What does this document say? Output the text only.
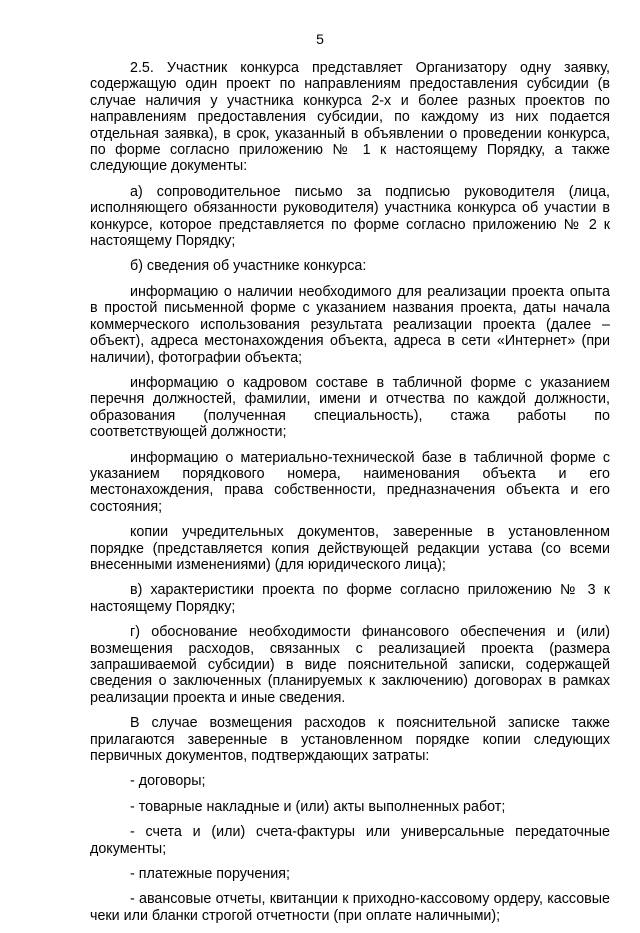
5

2.5. Участник конкурса представляет Организатору одну заявку, содержащую один проект по направлениям предоставления субсидии (в случае наличия у участника конкурса 2-х и более разных проектов по направлениям предоставления субсидии, по каждому из них подается отдельная заявка), в срок, указанный в объявлении о проведении конкурса, по форме согласно приложению № 1 к настоящему Порядку, а также следующие документы:

а) сопроводительное письмо за подписью руководителя (лица, исполняющего обязанности руководителя) участника конкурса об участии в конкурсе, которое представляется по форме согласно приложению № 2 к настоящему Порядку;

б) сведения об участнике конкурса:

информацию о наличии необходимого для реализации проекта опыта в простой письменной форме с указанием названия проекта, даты начала коммерческого использования результата реализации проекта (далее – объект), адреса местонахождения объекта, адреса в сети «Интернет» (при наличии), фотографии объекта;

информацию о кадровом составе в табличной форме с указанием перечня должностей, фамилии, имени и отчества по каждой должности, образования (полученная специальность), стажа работы по соответствующей должности;

информацию о материально-технической базе в табличной форме с указанием порядкового номера, наименования объекта и его местонахождения, права собственности, предназначения объекта и его состояния;

копии учредительных документов, заверенные в установленном порядке (представляется копия действующей редакции устава (со всеми внесенными изменениями) (для юридического лица);

в) характеристики проекта по форме согласно приложению № 3 к настоящему Порядку;

г) обоснование необходимости финансового обеспечения и (или) возмещения расходов, связанных с реализацией проекта (размера запрашиваемой субсидии) в виде пояснительной записки, содержащей сведения о заключенных (планируемых к заключению) договорах в рамках реализации проекта и иные сведения.

В случае возмещения расходов к пояснительной записке также прилагаются заверенные в установленном порядке копии следующих первичных документов, подтверждающих затраты:

- договоры;

- товарные накладные и (или) акты выполненных работ;

- счета и (или) счета-фактуры или универсальные передаточные документы;

- платежные поручения;

- авансовые отчеты, квитанции к приходно-кассовому ордеру, кассовые чеки или бланки строгой отчетности (при оплате наличными);
